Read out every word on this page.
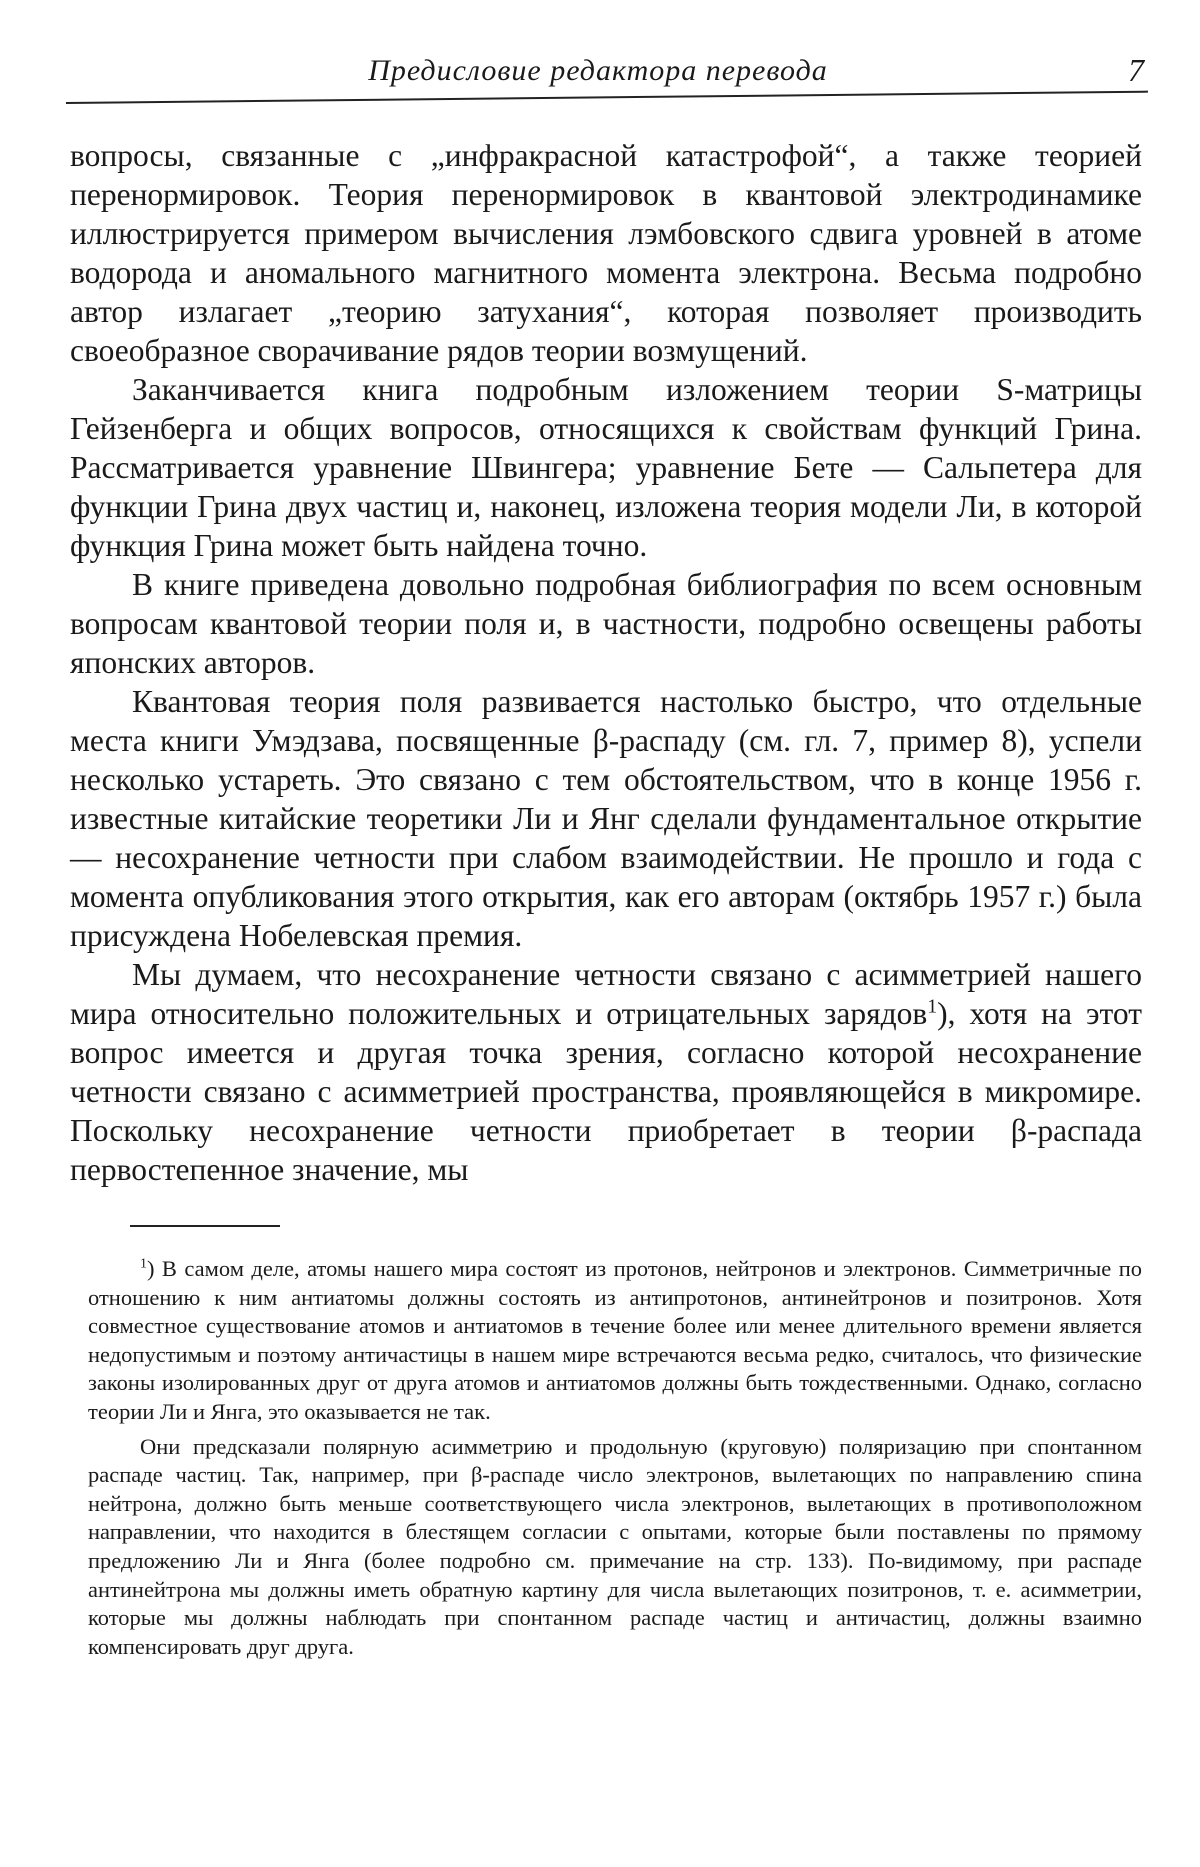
Предисловие редактора перевода	7

вопросы, связанные с „инфракрасной катастрофой“, а также теорией перенормировок. Теория перенормировок в квантовой электродинамике иллюстрируется примером вычисления лэмбовского сдвига уровней в атоме водорода и аномального магнитного момента электрона. Весьма подробно автор излагает „теорию затухания“, которая позволяет производить своеобразное сворачивание рядов теории возмущений.

Заканчивается книга подробным изложением теории S-матрицы Гейзенберга и общих вопросов, относящихся к свойствам функций Грина. Рассматривается уравнение Швингера; уравнение Бете — Сальпетера для функции Грина двух частиц и, наконец, изложена теория модели Ли, в которой функция Грина может быть найдена точно.

В книге приведена довольно подробная библиография по всем основным вопросам квантовой теории поля и, в частности, подробно освещены работы японских авторов.

Квантовая теория поля развивается настолько быстро, что отдельные места книги Умэдзава, посвященные β-распаду (см. гл. 7, пример 8), успели несколько устареть. Это связано с тем обстоятельством, что в конце 1956 г. известные китайские теоретики Ли и Янг сделали фундаментальное открытие — несохранение четности при слабом взаимодействии. Не прошло и года с момента опубликования этого открытия, как его авторам (октябрь 1957 г.) была присуждена Нобелевская премия.

Мы думаем, что несохранение четности связано с асимметрией нашего мира относительно положительных и отрицательных зарядов$^1$), хотя на этот вопрос имеется и другая точка зрения, согласно которой несохранение четности связано с асимметрией пространства, проявляющейся в микромире. Поскольку несохранение четности приобретает в теории β-распада первостепенное значение, мы

$^1$) В самом деле, атомы нашего мира состоят из протонов, нейтронов и электронов. Симметричные по отношению к ним антиатомы должны состоять из антипротонов, антинейтронов и позитронов. Хотя совместное существование атомов и антиатомов в течение более или менее длительного времени является недопустимым и поэтому античастицы в нашем мире встречаются весьма редко, считалось, что физические законы изолированных друг от друга атомов и антиатомов должны быть тождественными. Однако, согласно теории Ли и Янга, это оказывается не так.

Они предсказали полярную асимметрию и продольную (круговую) поляризацию при спонтанном распаде частиц. Так, например, при β-распаде число электронов, вылетающих по направлению спина нейтрона, должно быть меньше соответствующего числа электронов, вылетающих в противоположном направлении, что находится в блестящем согласии с опытами, которые были поставлены по прямому предложению Ли и Янга (более подробно см. примечание на стр. 133). По-видимому, при распаде антинейтрона мы должны иметь обратную картину для числа вылетающих позитронов, т. е. асимметрии, которые мы должны наблюдать при спонтанном распаде частиц и античастиц, должны взаимно компенсировать друг друга.
